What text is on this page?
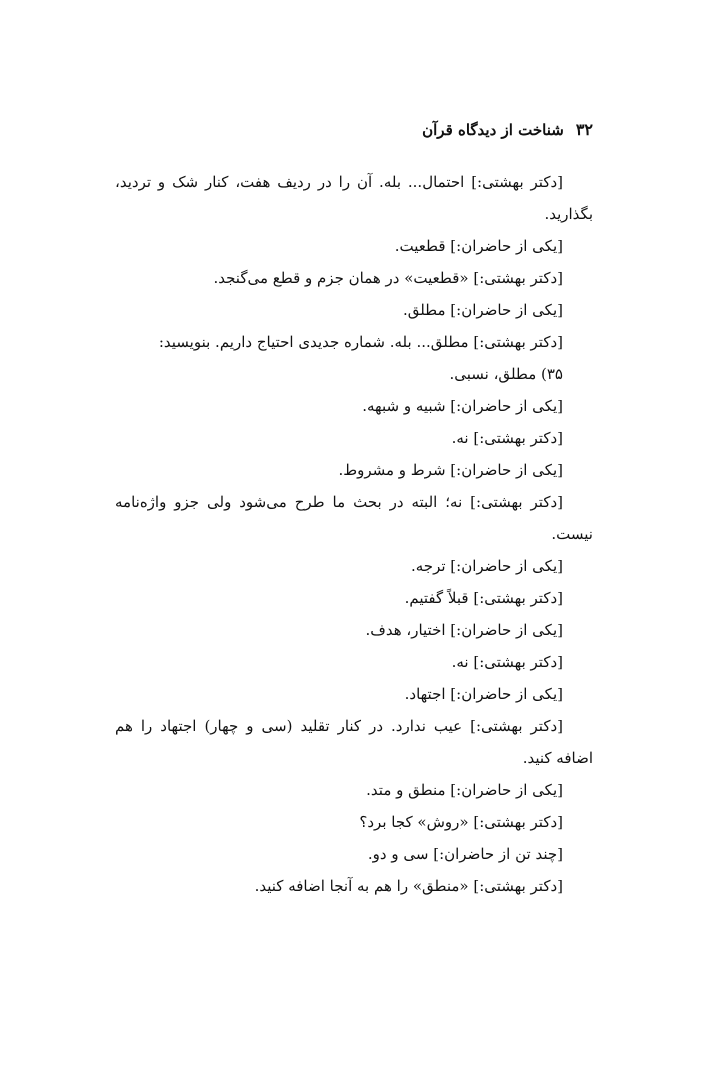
۳۲
شناخت از دیدگاه قرآن

[دکتر بهشتی:] احتمال... بله. آن را در ردیف هفت، کنار شک و تردید، بگذارید.

[یکی از حاضران:] قطعیت.

[دکتر بهشتی:] «قطعیت» در همان جزم و قطع می‌گنجد.

[یکی از حاضران:] مطلق.

[دکتر بهشتی:] مطلق... بله. شماره جدیدی احتیاج داریم. بنویسید:

۳۵) مطلق، نسبی.

[یکی از حاضران:] شبیه و شبهه.

[دکتر بهشتی:] نه.

[یکی از حاضران:] شرط و مشروط.

[دکتر بهشتی:] نه؛ البته در بحث ما طرح می‌شود ولی جزو واژه‌نامه نیست.

[یکی از حاضران:] ترجه.

[دکتر بهشتی:] قبلاً گفتیم.

[یکی از حاضران:] اختیار، هدف.

[دکتر بهشتی:] نه.

[یکی از حاضران:] اجتهاد.

[دکتر بهشتی:] عیب ندارد. در کنار تقلید (سی و چهار) اجتهاد را هم اضافه کنید.

[یکی از حاضران:] منطق و متد.

[دکتر بهشتی:] «روش» کجا برد؟

[چند تن از حاضران:] سی و دو.

[دکتر بهشتی:] «منطق» را هم به آنجا اضافه کنید.
